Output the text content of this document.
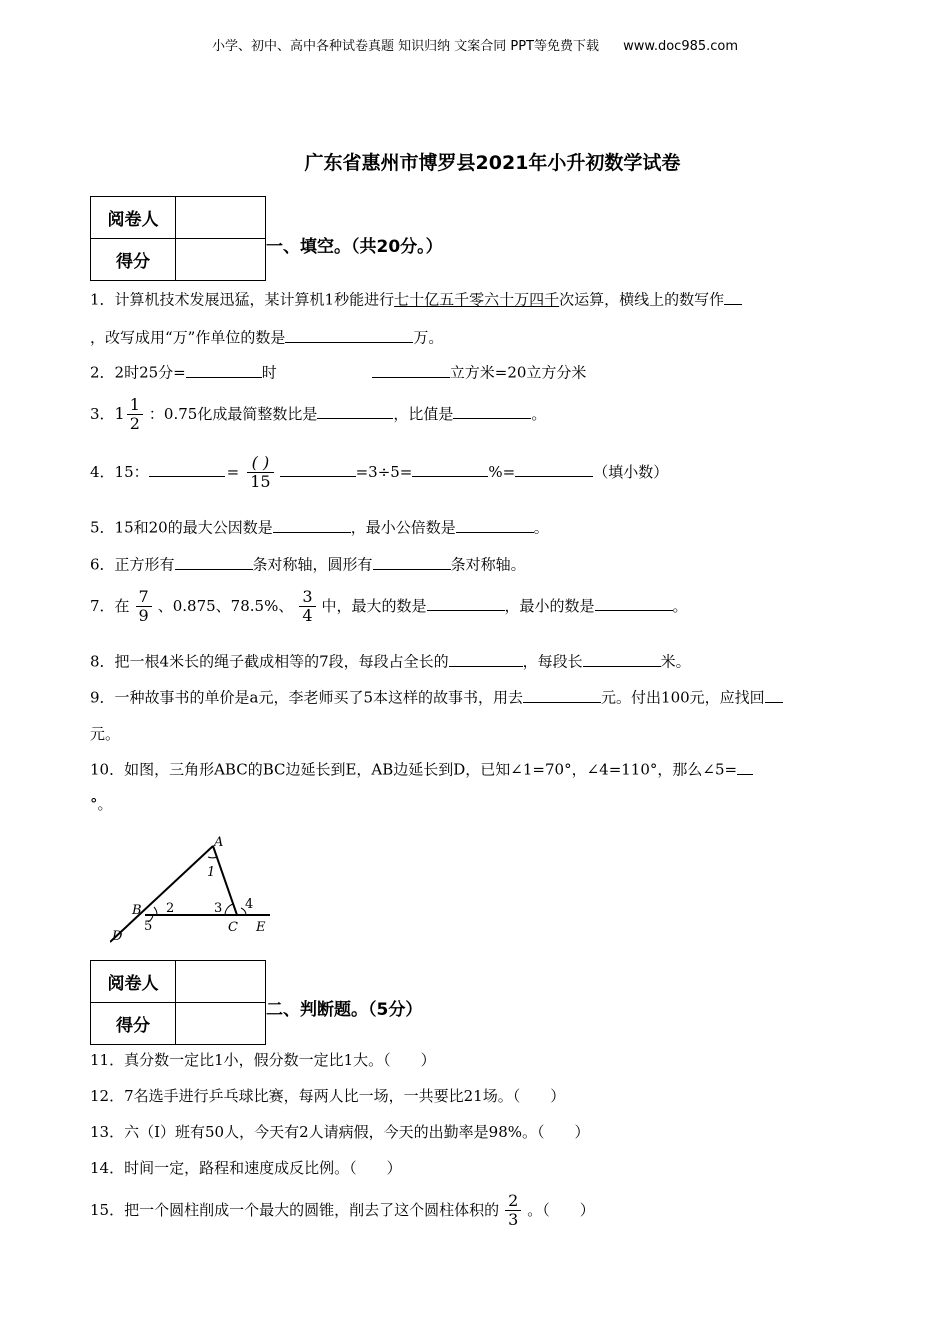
小学、初中、高中各种试卷真题 知识归纳 文案合同 PPT等免费下载 www.doc985.com
广东省惠州市博罗县2021年小升初数学试卷
阅卷人	
得分	
一、填空。（共20分。）
1．计算机技术发展迅猛，某计算机1秒能进行七十亿五千零六十万四千次运算，横线上的数写作
，改写成用“万”作单位的数是	万。
2．2时25分=	时	立方米=20立方分米
3．$1 \frac{1}{2}$ ：0.75化成最简整数比是	，比值是	。
4．15：	= $\frac{( )}{15}$	=3÷5=	%=	（填小数）
5．15和20的最大公因数是	，最小公倍数是	。
6．正方形有	条对称轴，圆形有	条对称轴。
7．在 $\frac{7}{9}$ 、0.875、78.5%、 $\frac{3}{4}$ 中，最大的数是	，最小的数是	。
8．把一根4米长的绳子截成相等的7段，每段占全长的	，每段长	米。
9．一种故事书的单价是a元，李老师买了5本这样的故事书，用去	元。付出100元，应找回
元。
10．如图，三角形ABC的BC边延长到E，AB边延长到D，已知∠1=70°，∠4=110°，那么∠5=
°。
A
B
C
D
E
1
2	3 4
5
阅卷人	
得分	
二、判断题。（5分）
11．真分数一定比1小，假分数一定比1大。（　　）
12．7名选手进行乒乓球比赛，每两人比一场，一共要比21场。（　　）
13．六（I）班有50人，今天有2人请病假，今天的出勤率是98%。（　　）
14．时间一定，路程和速度成反比例。（　　）
15．把一个圆柱削成一个最大的圆锥，削去了这个圆柱体积的 $\frac{2}{3}$ 。（　　）
